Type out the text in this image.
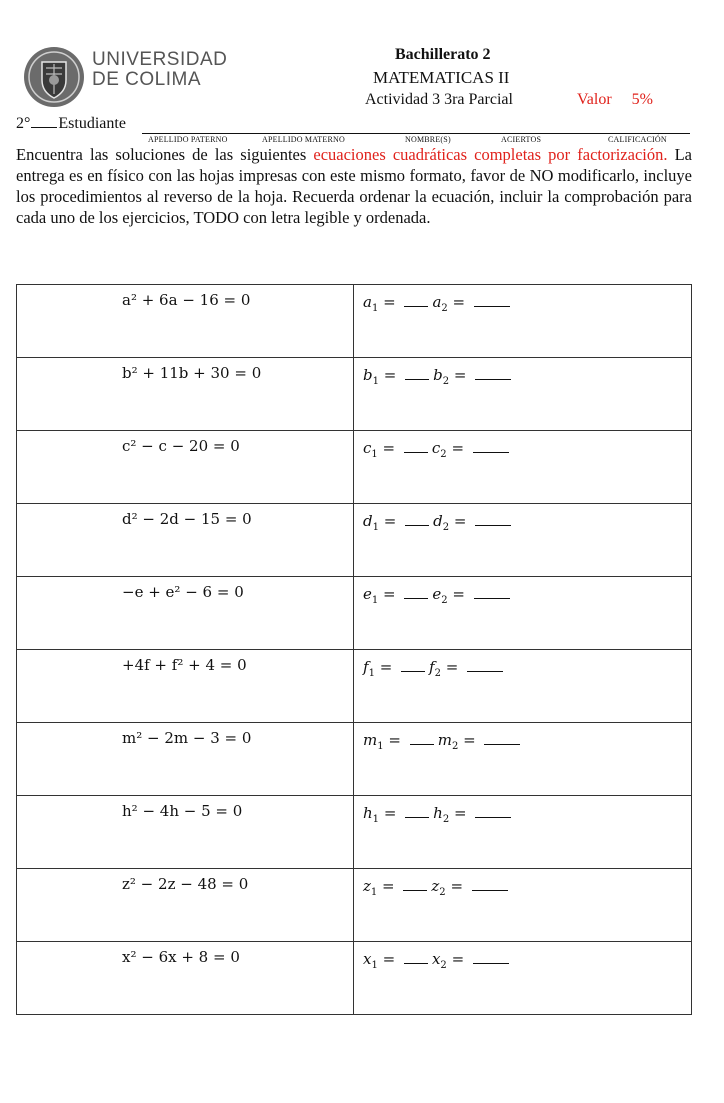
UNIVERSIDAD
DE COLIMA
Bachillerato 2
MATEMATICAS II
Actividad 3 3ra Parcial	Valor 5%
2° Estudiante
APELLIDO PATERNO	APELLIDO MATERNO	NOMBRE(S)	ACIERTOS	CALIFICACIÓN
Encuentra las soluciones de las siguientes ecuaciones cuadráticas completas por factorización. La entrega es en físico con las hojas impresas con este mismo formato, favor de NO modificarlo, incluye los procedimientos al reverso de la hoja. Recuerda ordenar la ecuación, incluir la comprobación para cada uno de los ejercicios, TODO con letra legible y ordenada.
a² + 6a − 16 = 0	$a_1 = a_2$ =

b² + 11b + 30 = 0	$b_1 = b_2$ =

c² − c − 20 = 0	$c_1 = c_2$ =

d² − 2d − 15 = 0	$d_1 = d_2$ =

−e + e² − 6 = 0	$e_1 = e_2$ =

+4f + f² + 4 = 0	$f_1 = f_2$ =

m² − 2m − 3 = 0	$m_1 = m_2$ =

h² − 4h − 5 = 0	$h_1 = h_2$ =

z² − 2z − 48 = 0	$z_1 = z_2$ =

x² − 6x + 8 = 0	$x_1 = x_2$ =
